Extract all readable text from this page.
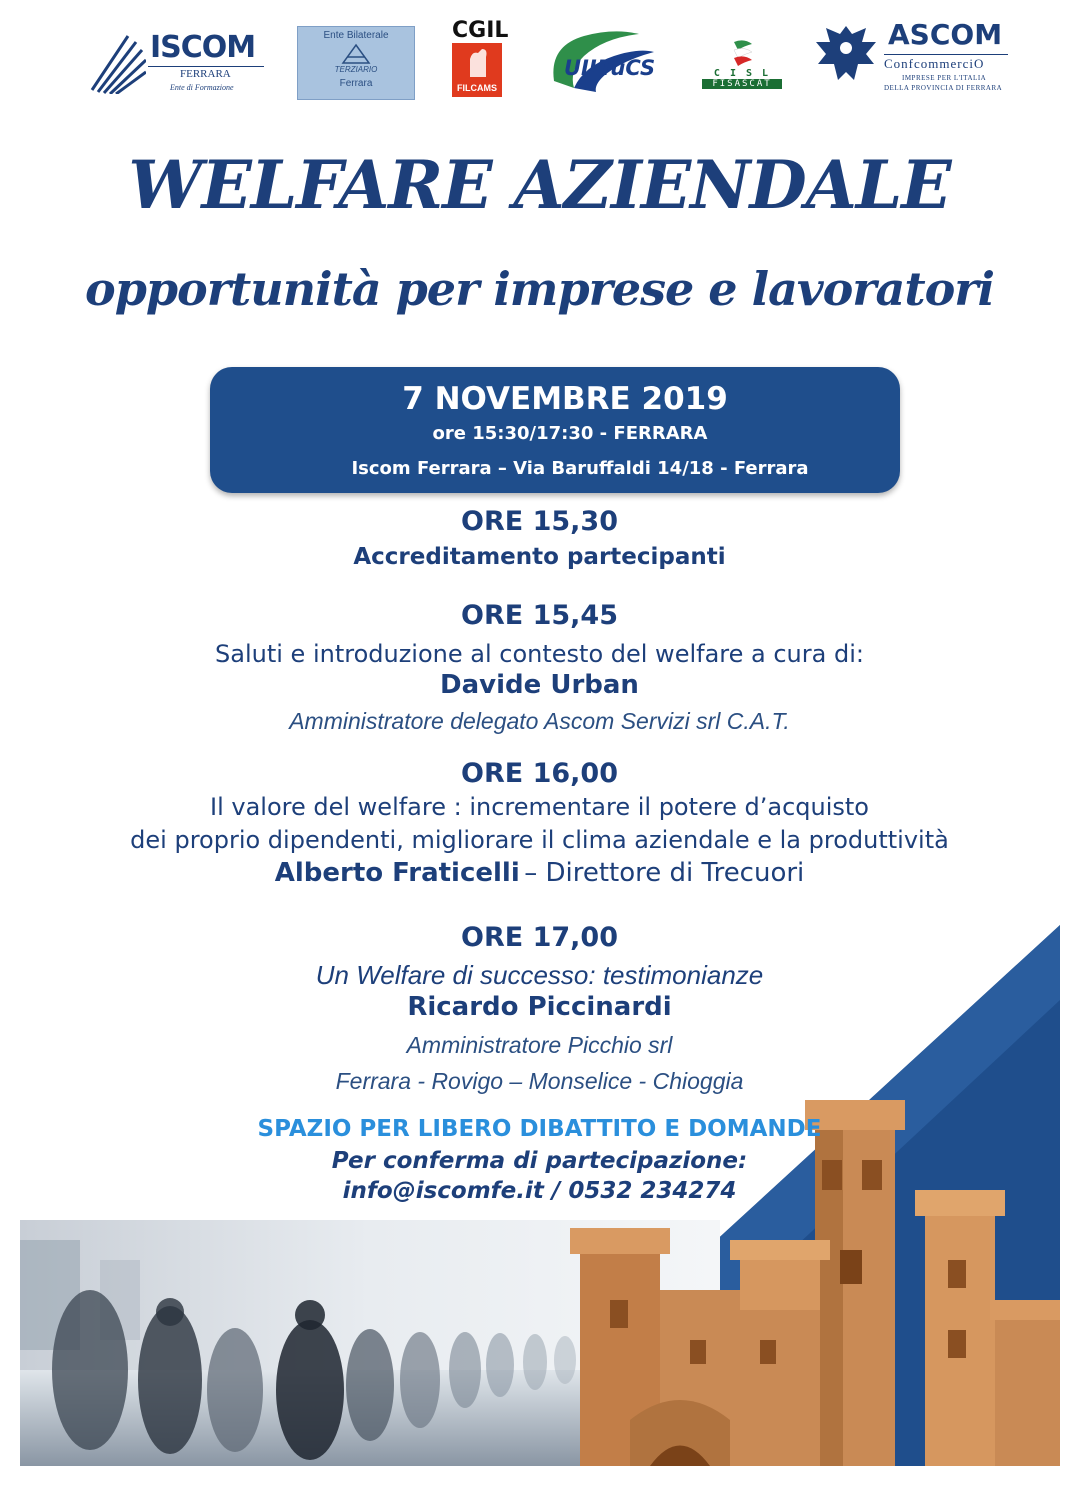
ISCOM
FERRARA
Ente di Formazione
Ente Bilaterale
TERZIARIO
Ferrara
CGIL
FILCAMS
UILTuCS	C I S L
FISASCAT
ASCOM
ConfcommerciO
IMPRESE PER L'ITALIA
DELLA PROVINCIA DI FERRARA
WELFARE AZIENDALE
opportunità per imprese e lavoratori
7 NOVEMBRE 2019
ore 15:30/17:30 - FERRARA
Iscom Ferrara – Via Baruffaldi 14/18 - Ferrara
ORE 15,30
Accreditamento partecipanti
ORE 15,45
Saluti e introduzione al contesto del welfare a cura di:
Davide Urban
Amministratore delegato Ascom Servizi srl C.A.T.
ORE 16,00
Il valore del welfare : incrementare il potere d’acquisto
dei proprio dipendenti, migliorare il clima aziendale e la produttività
Alberto Fraticelli – Direttore di Trecuori
ORE 17,00
Un Welfare di successo: testimonianze
Ricardo Piccinardi
Amministratore Picchio srl
Ferrara - Rovigo – Monselice - Chioggia
SPAZIO PER LIBERO DIBATTITO E DOMANDE
Per conferma di partecipazione:
info@iscomfe.it / 0532 234274
